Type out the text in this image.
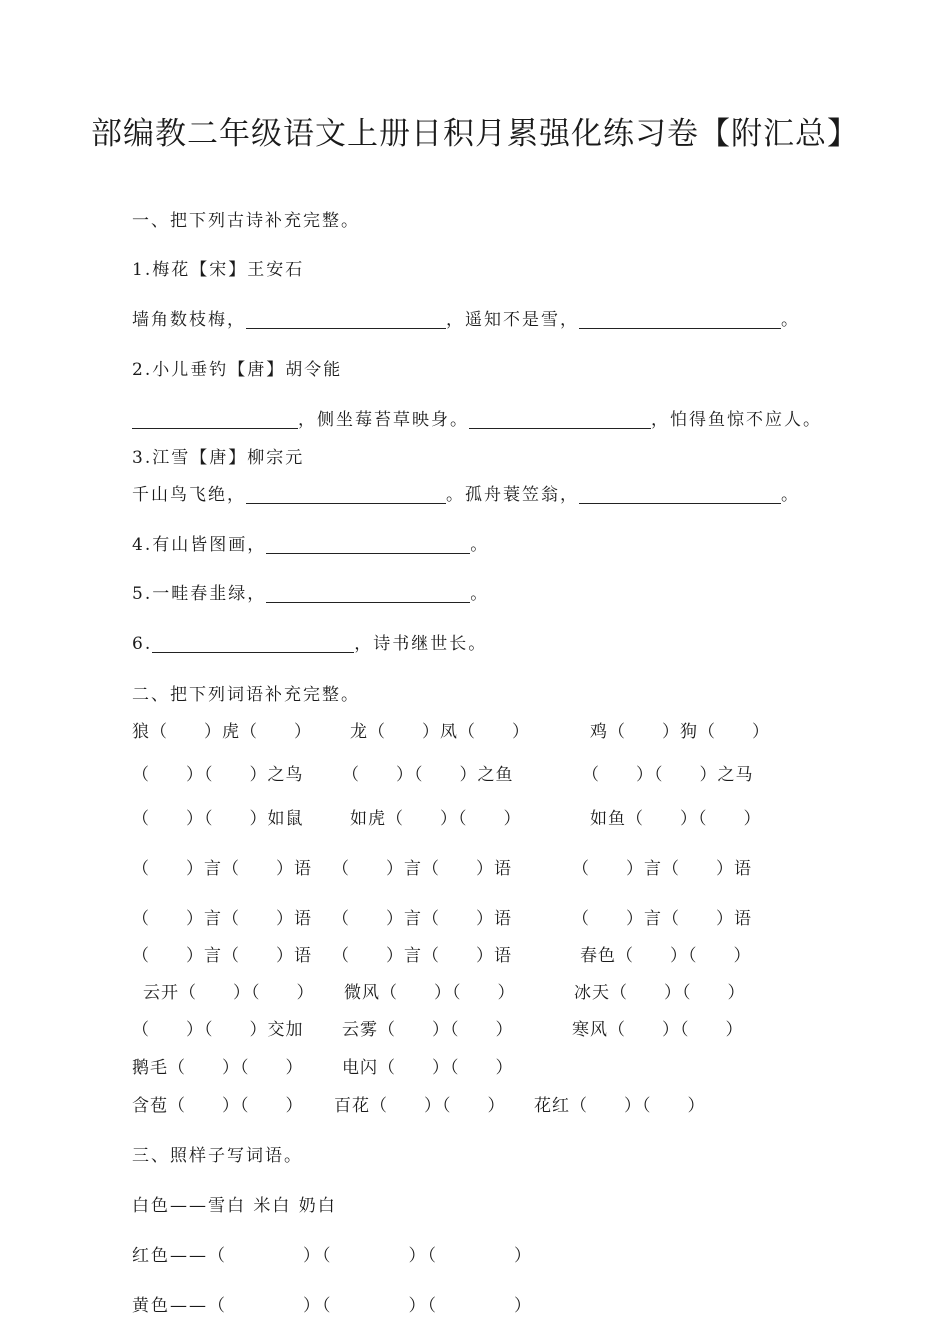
部编教二年级语文上册日积月累强化练习卷【附汇总】
一、把下列古诗补充完整。
1.梅花【宋】王安石
墙角数枝梅，	，遥知不是雪，	。
2.小儿垂钓【唐】胡令能
，侧坐莓苔草映身。	，怕得鱼惊不应人。
3.江雪【唐】柳宗元
千山鸟飞绝，	。孤舟蓑笠翁，	。
4.有山皆图画，	。
5.一畦春韭绿，	。
6.	，诗书继世长。
二、把下列词语补充完整。
狼（　　）虎（　　） 龙（　　）凤（　　）	鸡（　　）狗（　　）
（　　）（　　）之鸟 （　　）（　　）之鱼	（　　）（　　）之马
（　　）（　　）如鼠	如虎（　　）（　　）	如鱼（　　）（　　）
（　　）言（　　）语 （　　）言（　　）语	（　　）言（　　）语
（　　）言（　　）语 （　　）言（　　）语	（　　）言（　　）语
（　　）言（　　）语 （　　）言（　　）语	春色（　　）（　　）
云开（　　）（　　） 微风（　　）（　　）	冰天（　　）（　　）
（　　）（　　）交加 云雾（　　）（　　）	寒风（　　）（　　）
鹅毛（　　）（　　） 电闪（　　）（　　）
含苞（　　）（　　） 百花（　　）（　　） 花红（　　）（　　）
三、照样子写词语。
白色——雪白 米白 奶白
红色——（　　　　）（　　　　）（　　　　）
黄色——（　　　　）（　　　　）（　　　　）
